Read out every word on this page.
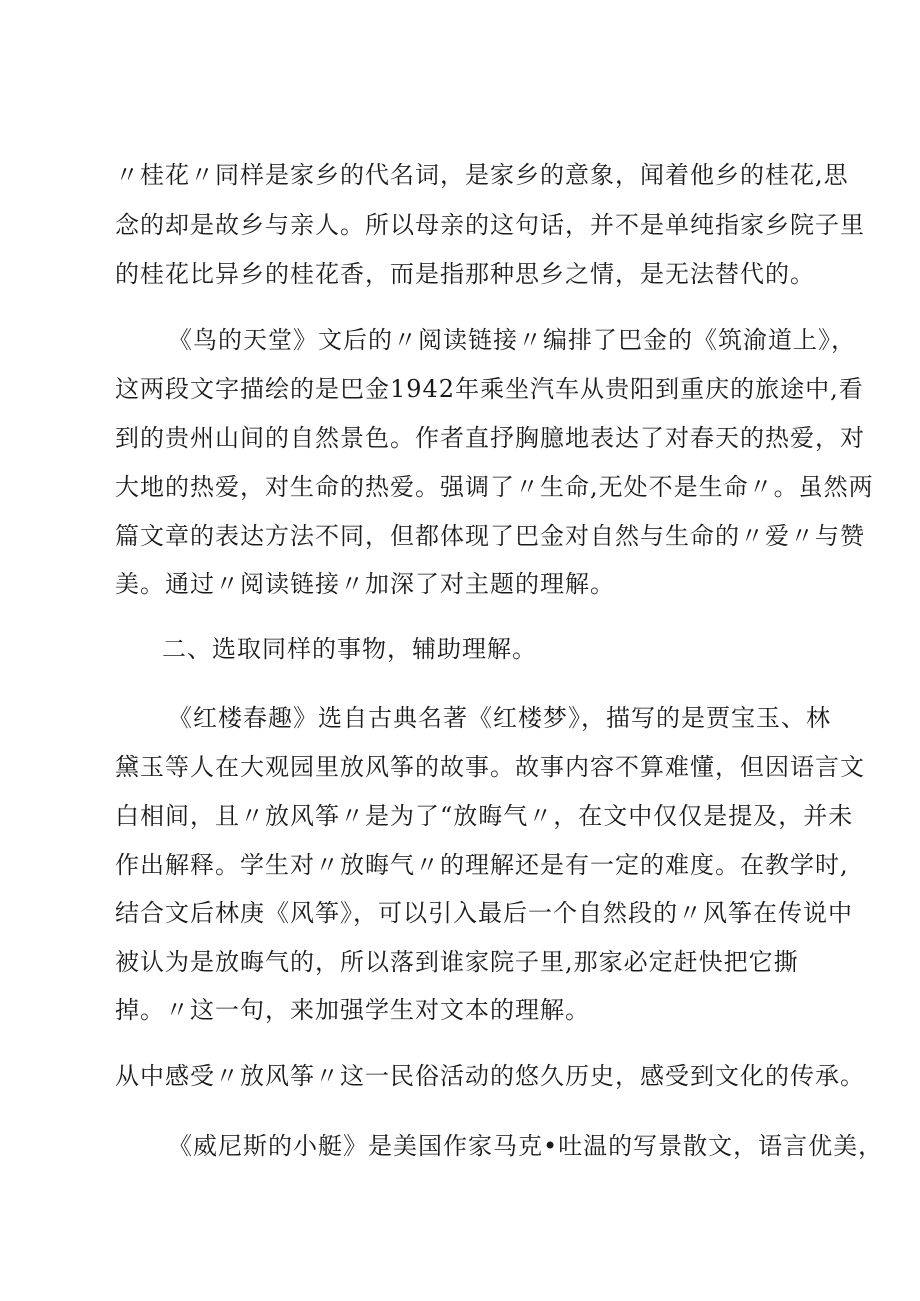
〃桂花〃同样是家乡的代名词，是家乡的意象，闻着他乡的桂花,思
念的却是故乡与亲人。所以母亲的这句话，并不是单纯指家乡院子里
的桂花比异乡的桂花香，而是指那种思乡之情，是无法替代的。
《鸟的天堂》文后的〃阅读链接〃编排了巴金的《筑渝道上》，
这两段文字描绘的是巴金1942年乘坐汽车从贵阳到重庆的旅途中,看
到的贵州山间的自然景色。作者直抒胸臆地表达了对春天的热爱，对
大地的热爱，对生命的热爱。强调了〃生命,无处不是生命〃。虽然两
篇文章的表达方法不同，但都体现了巴金对自然与生命的〃爱〃与赞
美。通过〃阅读链接〃加深了对主题的理解。
二、选取同样的事物，辅助理解。
《红楼春趣》选自古典名著《红楼梦》，描写的是贾宝玉、林
黛玉等人在大观园里放风筝的故事。故事内容不算难懂，但因语言文
白相间，且〃放风筝〃是为了“放晦气〃，在文中仅仅是提及，并未
作出解释。学生对〃放晦气〃的理解还是有一定的难度。在教学时,
结合文后林庚《风筝》，可以引入最后一个自然段的〃风筝在传说中
被认为是放晦气的，所以落到谁家院子里,那家必定赶快把它撕
掉。〃这一句，来加强学生对文本的理解。
从中感受〃放风筝〃这一民俗活动的悠久历史，感受到文化的传承。
《威尼斯的小艇》是美国作家马克•吐温的写景散文，语言优美，
